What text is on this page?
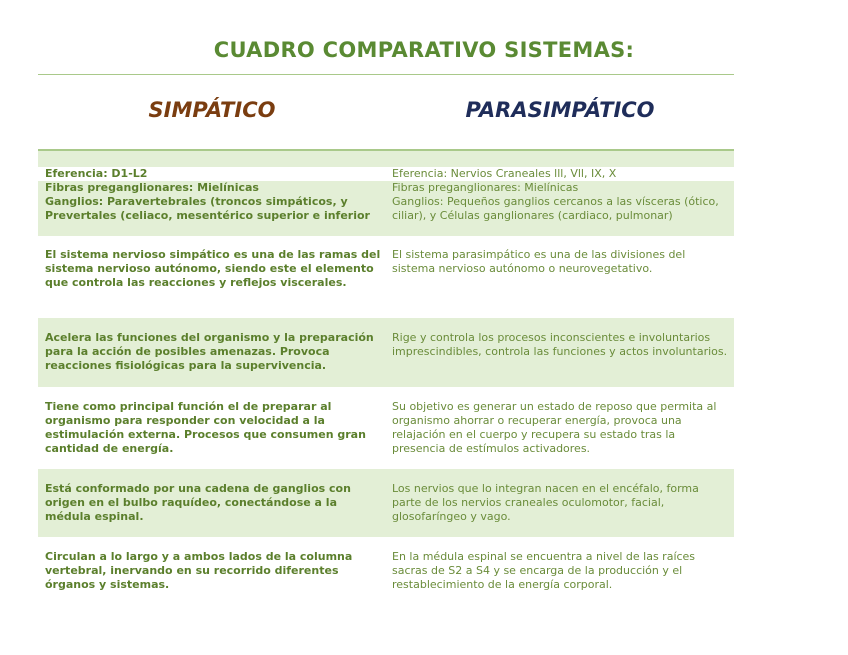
CUADRO COMPARATIVO SISTEMAS:
SIMPÁTICO	PARASIMPÁTICO
Eferencia: D1-L2
Fibras preganglionares: Mielínicas
Ganglios: Paravertebrales (troncos simpáticos, y Prevertales (celiaco, mesentérico superior e inferior
Eferencia: Nervios Craneales lll, Vll, IX, X
Fibras preganglionares: Mielínicas
Ganglios: Pequeños ganglios cercanos a las vísceras (ótico, ciliar), y Células ganglionares (cardiaco, pulmonar)
El sistema nervioso simpático es una de las ramas del sistema nervioso autónomo, siendo este el elemento que controla las reacciones y reflejos viscerales.
El sistema parasimpático es una de las divisiones del sistema nervioso autónomo o neurovegetativo.
Acelera las funciones del organismo y la preparación para la acción de posibles amenazas. Provoca reacciones fisiológicas para la supervivencia.
Rige y controla los procesos inconscientes e involuntarios imprescindibles, controla las funciones y actos involuntarios.
Tiene como principal función el de preparar al organismo para responder con velocidad a la estimulación externa. Procesos que consumen gran cantidad de energía.
Su objetivo es generar un estado de reposo que permita al organismo ahorrar o recuperar energía, provoca una relajación en el cuerpo y recupera su estado tras la presencia de estímulos activadores.
Está conformado por una cadena de ganglios con origen en el bulbo raquídeo, conectándose a la médula espinal.
Los nervios que lo integran nacen en el encéfalo, forma parte de los nervios craneales oculomotor, facial, glosofaríngeo y vago.
Circulan a lo largo y a ambos lados de la columna vertebral, inervando en su recorrido diferentes órganos y sistemas.
En la médula espinal se encuentra a nivel de las raíces sacras de S2 a S4 y se encarga de la producción y el restablecimiento de la energía corporal.
